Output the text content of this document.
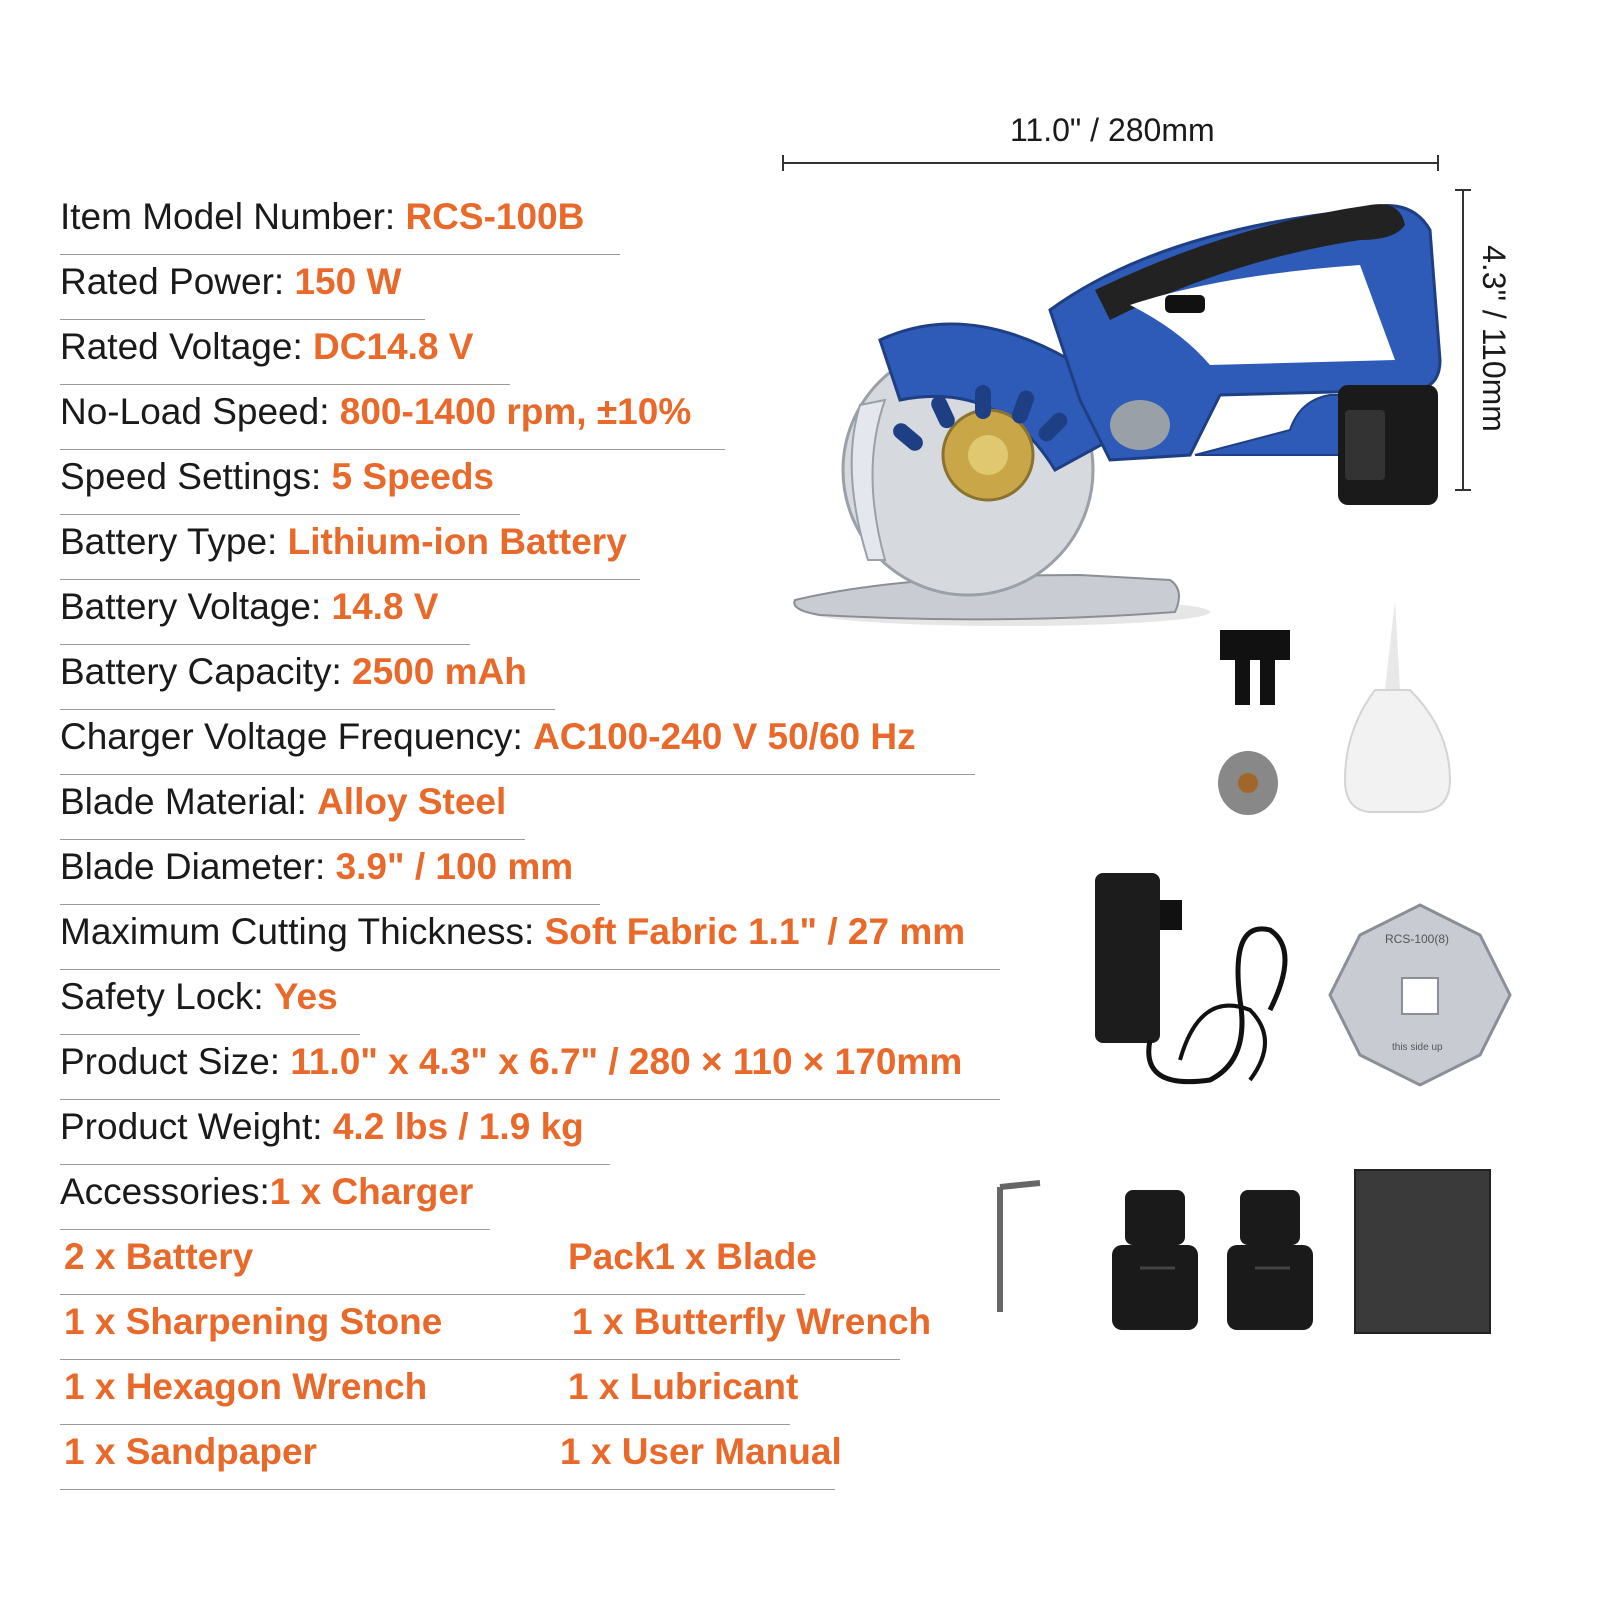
Item Model Number: RCS-100B
Rated Power: 150 W
Rated Voltage: DC14.8 V
No-Load Speed: 800-1400 rpm, ±10%
Speed Settings: 5 Speeds
Battery Type: Lithium-ion Battery
Battery Voltage: 14.8 V
Battery Capacity: 2500 mAh
Charger Voltage Frequency: AC100-240 V 50/60 Hz
Blade Material: Alloy Steel
Blade Diameter: 3.9" / 100 mm
Maximum Cutting Thickness: Soft Fabric 1.1" / 27 mm
Safety Lock: Yes
Product Size: 11.0" x 4.3" x 6.7" / 280 × 110 × 170mm
Product Weight: 4.2 lbs / 1.9 kg
Accessories:1 x Charger
2 x Battery	Pack1 x Blade
1 x Sharpening Stone	1 x Butterfly Wrench
1 x Hexagon Wrench	1 x Lubricant
1 x Sandpaper	1 x User Manual
11.0" / 280mm
4.3" / 110mm
RCS-100(8)
this side up
